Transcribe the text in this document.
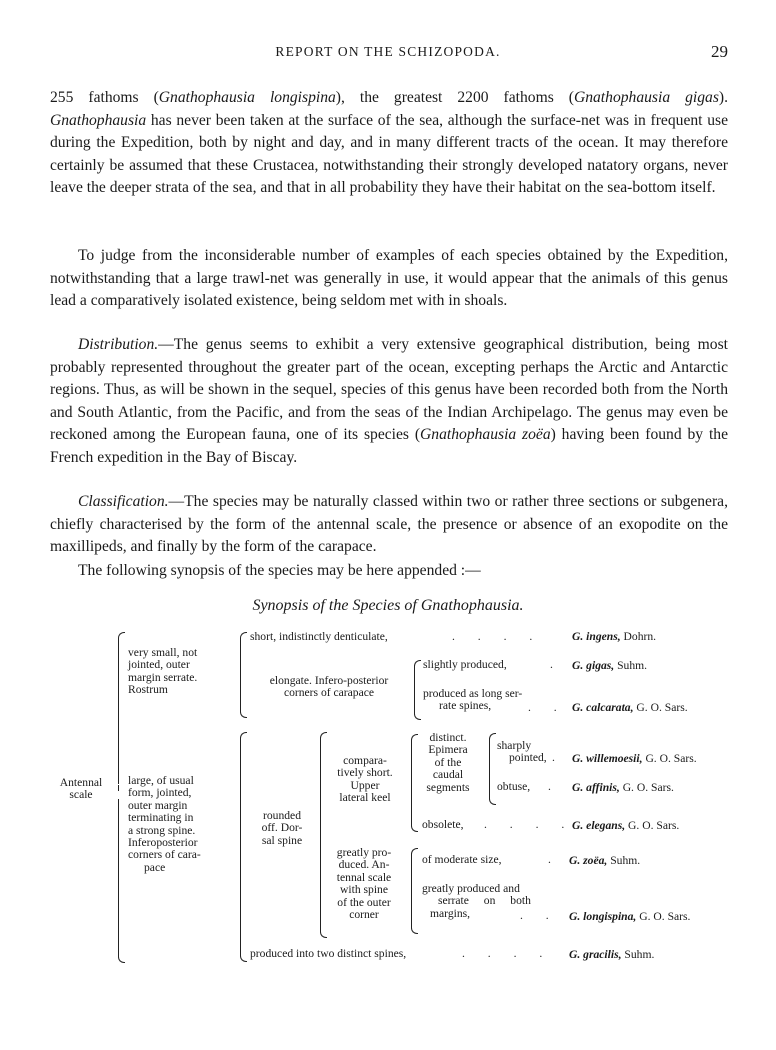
REPORT ON THE SCHIZOPODA.	29

255 fathoms (Gnathophausia longispina), the greatest 2200 fathoms (Gnathophausia gigas). Gnathophausia has never been taken at the surface of the sea, although the surface-net was in frequent use during the Expedition, both by night and day, and in many different tracts of the ocean. It may therefore certainly be assumed that these Crustacea, notwithstanding their strongly developed natatory organs, never leave the deeper strata of the sea, and that in all probability they have their habitat on the sea-bottom itself.

To judge from the inconsiderable number of examples of each species obtained by the Expedition, notwithstanding that a large trawl-net was generally in use, it would appear that the animals of this genus lead a comparatively isolated existence, being seldom met with in shoals.

Distribution.—The genus seems to exhibit a very extensive geographical distribution, being most probably represented throughout the greater part of the ocean, excepting perhaps the Arctic and Antarctic regions. Thus, as will be shown in the sequel, species of this genus have been recorded both from the North and South Atlantic, from the Pacific, and from the seas of the Indian Archipelago. The genus may even be reckoned among the European fauna, one of its species (Gnathophausia zoëa) having been found by the French expedition in the Bay of Biscay.

Classification.—The species may be naturally classed within two or rather three sections or subgenera, chiefly characterised by the form of the antennal scale, the presence or absence of an exopodite on the maxillipeds, and finally by the form of the carapace.

The following synopsis of the species may be here appended :—

Synopsis of the Species of Gnathophausia.
Antennal
scale
very small, not
jointed, outer
margin serrate.
Rostrum
short, indistinctly denticulate,
elongate. Infero-posterior
corners of carapace
slightly produced,
produced as long ser-
rate spines,
large, of usual
form, jointed,
outer margin
terminating in
a strong spine.
Inferoposterior
corners of cara-
pace
rounded
off. Dor-
sal spine
compara-
tively short.
Upper
lateral keel
distinct.
Epimera
of the
caudal
segments
sharply
pointed,
obtuse,
obsolete,
greatly pro-
duced. An-
tennal scale
with spine
of the outer
corner
of moderate size,
greatly produced and
serrate on both
margins,
produced into two distinct spines,
. . . .
.
. .
.
.
. . . .
.
. .
. . . .
G. ingens, Dohrn.
G. gigas, Suhm.
G. calcarata, G. O. Sars.
G. willemoesii, G. O. Sars.
G. affinis, G. O. Sars.
G. elegans, G. O. Sars.
G. zoëa, Suhm.
G. longispina, G. O. Sars.
G. gracilis, Suhm.
